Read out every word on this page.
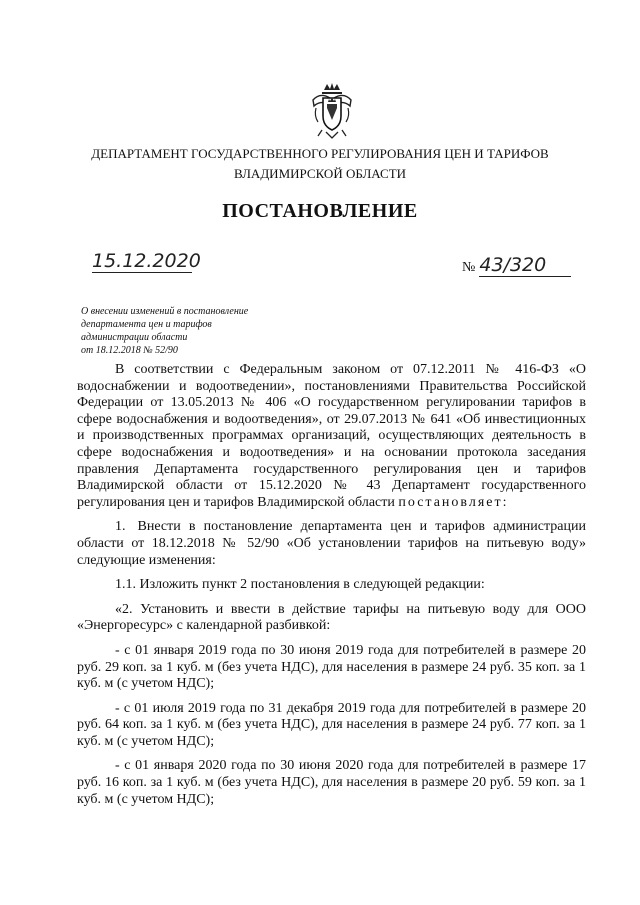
ДЕПАРТАМЕНТ ГОСУДАРСТВЕННОГО РЕГУЛИРОВАНИЯ ЦЕН И ТАРИФОВ
ВЛАДИМИРСКОЙ ОБЛАСТИ
ПОСТАНОВЛЕНИЕ
15.12.2020	№ 43/320
О внесении изменений в постановление
департамента цен и тарифов
администрации области
от 18.12.2018 № 52/90

В соответствии с Федеральным законом от 07.12.2011 № 416-ФЗ «О водоснабжении и водоотведении», постановлениями Правительства Российской Федерации от 13.05.2013 № 406 «О государственном регулировании тарифов в сфере водоснабжения и водоотведения», от 29.07.2013 № 641 «Об инвестиционных и производственных программах организаций, осуществляющих деятельность в сфере водоснабжения и водоотведения» и на основании протокола заседания правления Департамента государственного регулирования цен и тарифов Владимирской области от 15.12.2020 № 43 Департамент государственного регулирования цен и тарифов Владимирской области постановляет:

1. Внести в постановление департамента цен и тарифов администрации области от 18.12.2018 № 52/90 «Об установлении тарифов на питьевую воду» следующие изменения:

1.1. Изложить пункт 2 постановления в следующей редакции:

«2. Установить и ввести в действие тарифы на питьевую воду для ООО «Энергоресурс» с календарной разбивкой:

- с 01 января 2019 года по 30 июня 2019 года для потребителей в размере 20 руб. 29 коп. за 1 куб. м (без учета НДС), для населения в размере 24 руб. 35 коп. за 1 куб. м (с учетом НДС);

- с 01 июля 2019 года по 31 декабря 2019 года для потребителей в размере 20 руб. 64 коп. за 1 куб. м (без учета НДС), для населения в размере 24 руб. 77 коп. за 1 куб. м (с учетом НДС);

- с 01 января 2020 года по 30 июня 2020 года для потребителей в размере 17 руб. 16 коп. за 1 куб. м (без учета НДС), для населения в размере 20 руб. 59 коп. за 1 куб. м (с учетом НДС);
